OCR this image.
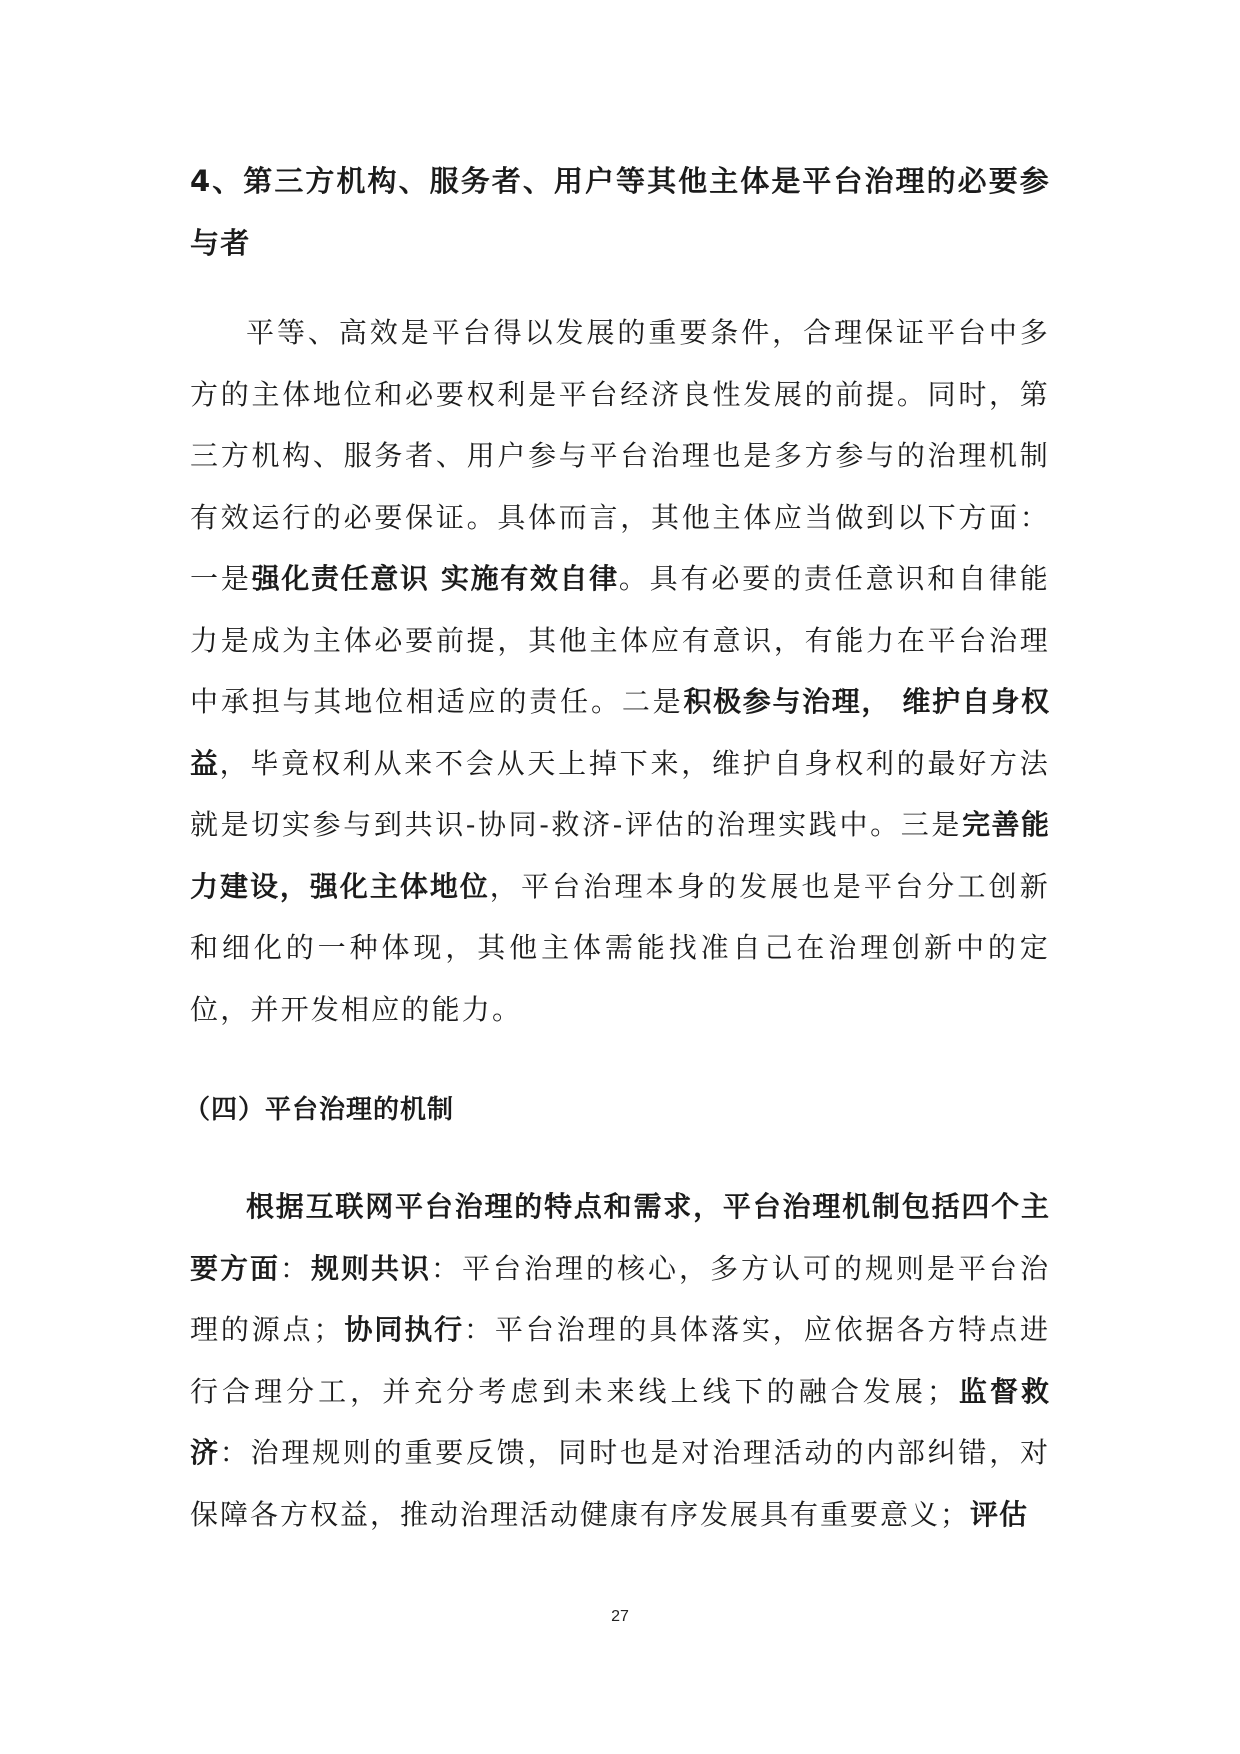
4、第三方机构、服务者、用户等其他主体是平台治理的必要参与者

平等、高效是平台得以发展的重要条件，合理保证平台中多方的主体地位和必要权利是平台经济良性发展的前提。同时，第三方机构、服务者、用户参与平台治理也是多方参与的治理机制有效运行的必要保证。具体而言，其他主体应当做到以下方面：一是强化责任意识 实施有效自律。具有必要的责任意识和自律能力是成为主体必要前提，其他主体应有意识，有能力在平台治理中承担与其地位相适应的责任。二是积极参与治理， 维护自身权益，毕竟权利从来不会从天上掉下来，维护自身权利的最好方法就是切实参与到共识-协同-救济-评估的治理实践中。三是完善能力建设，强化主体地位，平台治理本身的发展也是平台分工创新和细化的一种体现，其他主体需能找准自己在治理创新中的定位，并开发相应的能力。

（四）平台治理的机制

根据互联网平台治理的特点和需求，平台治理机制包括四个主要方面：规则共识：平台治理的核心，多方认可的规则是平台治理的源点；协同执行：平台治理的具体落实，应依据各方特点进行合理分工，并充分考虑到未来线上线下的融合发展；监督救济：治理规则的重要反馈，同时也是对治理活动的内部纠错，对保障各方权益，推动治理活动健康有序发展具有重要意义；评估

27
